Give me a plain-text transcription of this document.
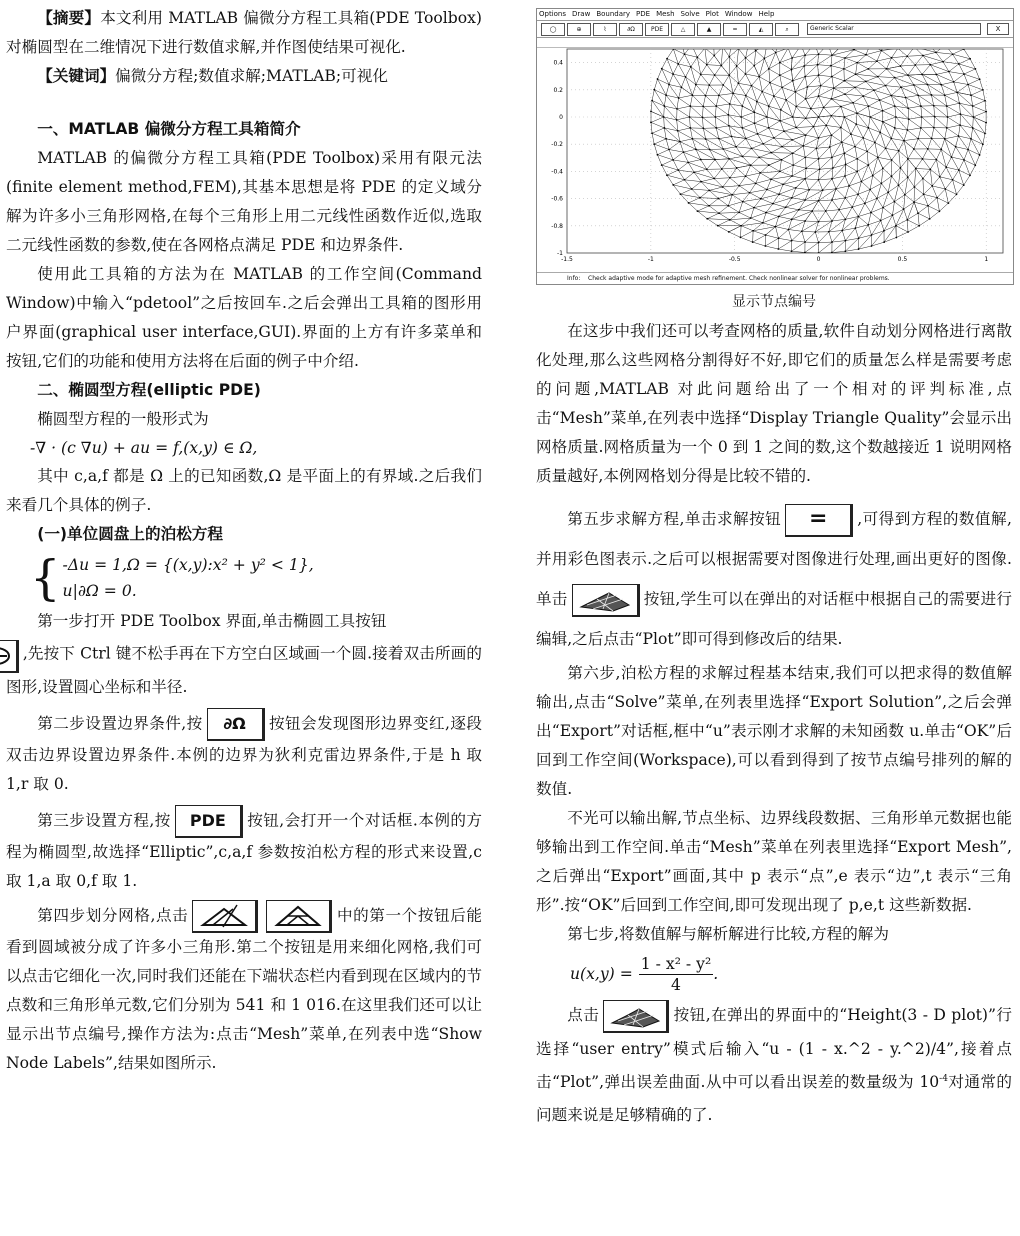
【摘要】本文利用 MATLAB 偏微分方程工具箱(PDE Toolbox)对椭圆型在二维情况下进行数值求解,并作图使结果可视化.

【关键词】偏微分方程;数值求解;MATLAB;可视化

一、MATLAB 偏微分方程工具箱简介

MATLAB 的偏微分方程工具箱(PDE Toolbox)采用有限元法(finite element method,FEM),其基本思想是将 PDE 的定义域分解为许多小三角形网格,在每个三角形上用二元线性函数作近似,选取二元线性函数的参数,使在各网格点满足 PDE 和边界条件.

使用此工具箱的方法为在 MATLAB 的工作空间(Command Window)中输入“pdetool”之后按回车.之后会弹出工具箱的图形用户界面(graphical user interface,GUI).界面的上方有许多菜单和按钮,它们的功能和使用方法将在后面的例子中介绍.

二、椭圆型方程(elliptic PDE)

椭圆型方程的一般形式为

-∇ · (c ∇u) + au = f,(x,y) ∈ Ω,

其中 c,a,f 都是 Ω 上的已知函数,Ω 是平面上的有界域.之后我们来看几个具体的例子.

(一)单位圆盘上的泊松方程

{ -Δu = 1,Ω = {(x,y):x² + y² < 1},
u|∂Ω = 0.

第一步打开 PDE Toolbox 界面,单击椭圆工具按钮
,先按下 Ctrl 键不松手再在下方空白区域画一个圆.接着双击所画的图形,设置圆心坐标和半径.

第二步设置边界条件,按 ∂Ω 按钮会发现图形边界变红,逐段双击边界设置边界条件.本例的边界为狄利克雷边界条件,于是 h 取 1,r 取 0.

第三步设置方程,按 PDE 按钮,会打开一个对话框.本例的方程为椭圆型,故选择“Elliptic”,c,a,f 参数按泊松方程的形式来设置,c 取 1,a 取 0,f 取 1.

第四步划分网格,点击	中的第一个按钮后能看到圆域被分成了许多小三角形.第二个按钮是用来细化网格,我们可以点击它细化一次,同时我们还能在下端状态栏内看到现在区域内的节点数和三角形单元数,它们分别为 541 和 1 016.在这里我们还可以让显示出节点编号,操作方法为:点击“Mesh”菜单,在列表中选“Show Node Labels”,结果如图所示.

Options Draw Boundary PDE Mesh Solve Plot Window Help
◯	⊕	⌇	∂Ω	PDE	△	▲	=	◭	⌕	Generic Scalar	X
0.4
0.2
0
-0.2
-0.4
-0.6
-0.8
-1
-1.5	-1	-0.5	0	0.5	1
Info: Check adaptive mode for adaptive mesh refinement. Check nonlinear solver for nonlinear problems.
显示节点编号

在这步中我们还可以考查网格的质量,软件自动划分网格进行离散化处理,那么这些网格分割得好不好,即它们的质量怎么样是需要考虑的问题,MATLAB 对此问题给出了一个相对的评判标准,点击“Mesh”菜单,在列表中选择“Display Triangle Quality”会显示出网格质量.网格质量为一个 0 到 1 之间的数,这个数越接近 1 说明网格质量越好,本例网格划分得是比较不错的.

第五步求解方程,单击求解按钮 = ,可得到方程的数值解,并用彩色图表示.之后可以根据需要对图像进行处理,画出更好的图像.单击	按钮,学生可以在弹出的对话框中根据自己的需要进行编辑,之后点击“Plot”即可得到修改后的结果.

第六步,泊松方程的求解过程基本结束,我们可以把求得的数值解输出,点击“Solve”菜单,在列表里选择“Export Solution”,之后会弹出“Export”对话框,框中“u”表示刚才求解的未知函数 u.单击“OK”后回到工作空间(Workspace),可以看到得到了按节点编号排列的解的数值.

不光可以输出解,节点坐标、边界线段数据、三角形单元数据也能够输出到工作空间.单击“Mesh”菜单在列表里选择“Export Mesh”,之后弹出“Export”画面,其中 p 表示“点”,e 表示“边”,t 表示“三角形”.按“OK”后回到工作空间,即可发现出现了 p,e,t 这些新数据.

第七步,将数值解与解析解进行比较,方程的解为

$u(x,y) = \frac{\text{1 - x² - y²}}{4}$ .

点击	按钮,在弹出的界面中的“Height(3 - D plot)”行选择“user entry”模式后输入“u - (1 - x.^2 - y.^2)/4”,接着点击“Plot”,弹出误差曲面.从中可以看出误差的数量级为 $10^{-4}$对通常的问题来说是足够精确的了.
